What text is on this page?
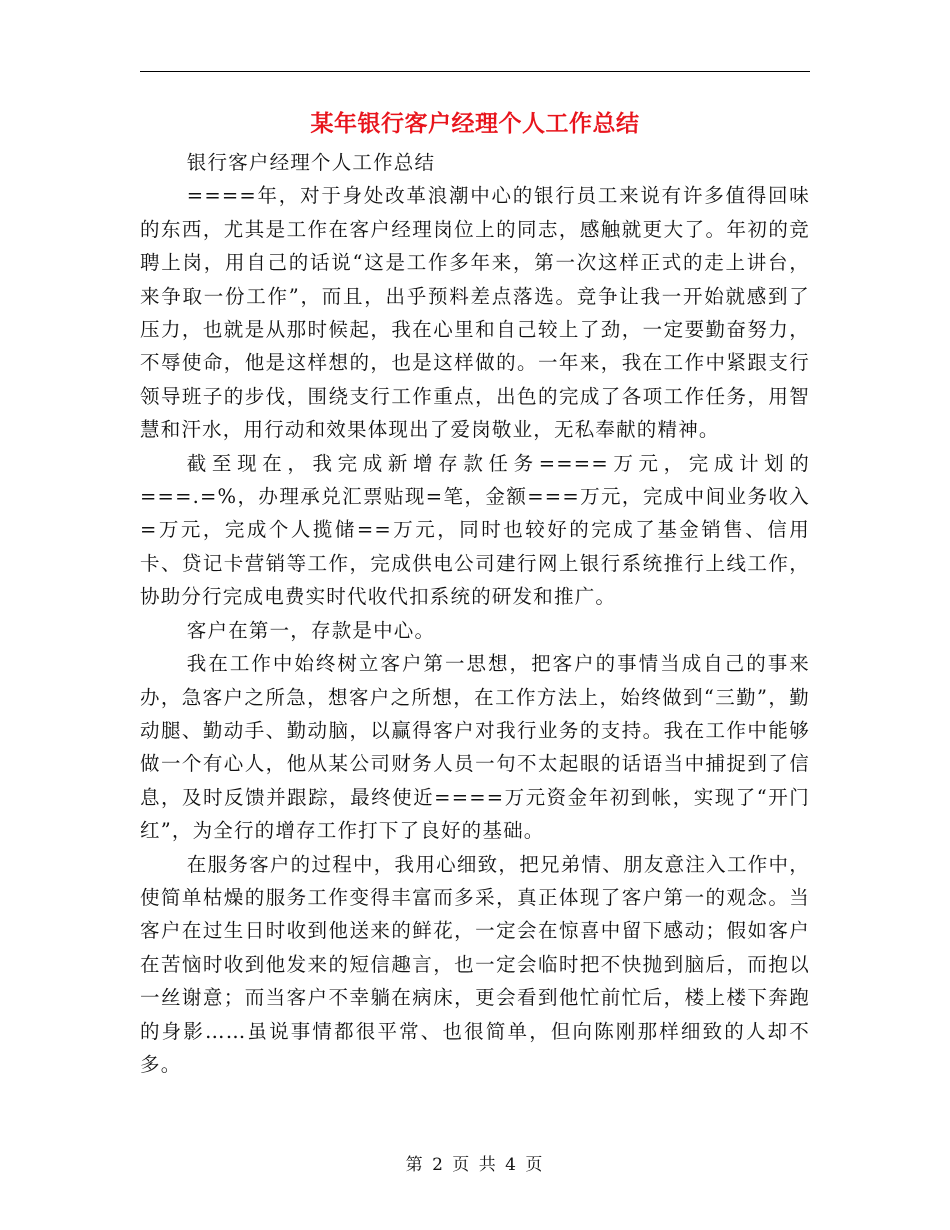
某年银行客户经理个人工作总结

银行客户经理个人工作总结

====年，对于身处改革浪潮中心的银行员工来说有许多值得回味的东西，尤其是工作在客户经理岗位上的同志，感触就更大了。年初的竞聘上岗，用自己的话说“这是工作多年来，第一次这样正式的走上讲台，来争取一份工作”，而且，出乎预料差点落选。竞争让我一开始就感到了压力，也就是从那时候起，我在心里和自己较上了劲，一定要勤奋努力，不辱使命，他是这样想的，也是这样做的。一年来，我在工作中紧跟支行领导班子的步伐，围绕支行工作重点，出色的完成了各项工作任务，用智慧和汗水，用行动和效果体现出了爱岗敬业，无私奉献的精神。

截至现在，我完成新增存款任务====万元，完成计划的 ===.=%，办理承兑汇票贴现=笔，金额===万元，完成中间业务收入=万元，完成个人揽储==万元，同时也较好的完成了基金销售、信用卡、贷记卡营销等工作，完成供电公司建行网上银行系统推行上线工作，协助分行完成电费实时代收代扣系统的研发和推广。

客户在第一，存款是中心。

我在工作中始终树立客户第一思想，把客户的事情当成自己的事来办，急客户之所急，想客户之所想，在工作方法上，始终做到“三勤”，勤动腿、勤动手、勤动脑，以赢得客户对我行业务的支持。我在工作中能够做一个有心人，他从某公司财务人员一句不太起眼的话语当中捕捉到了信息，及时反馈并跟踪，最终使近====万元资金年初到帐，实现了“开门红”，为全行的增存工作打下了良好的基础。

在服务客户的过程中，我用心细致，把兄弟情、朋友意注入工作中，使简单枯燥的服务工作变得丰富而多采，真正体现了客户第一的观念。当客户在过生日时收到他送来的鲜花，一定会在惊喜中留下感动；假如客户在苦恼时收到他发来的短信趣言，也一定会临时把不快抛到脑后，而抱以一丝谢意；而当客户不幸躺在病床，更会看到他忙前忙后，楼上楼下奔跑的身影……虽说事情都很平常、也很简单，但向陈刚那样细致的人却不多。

第 2 页 共 4 页
